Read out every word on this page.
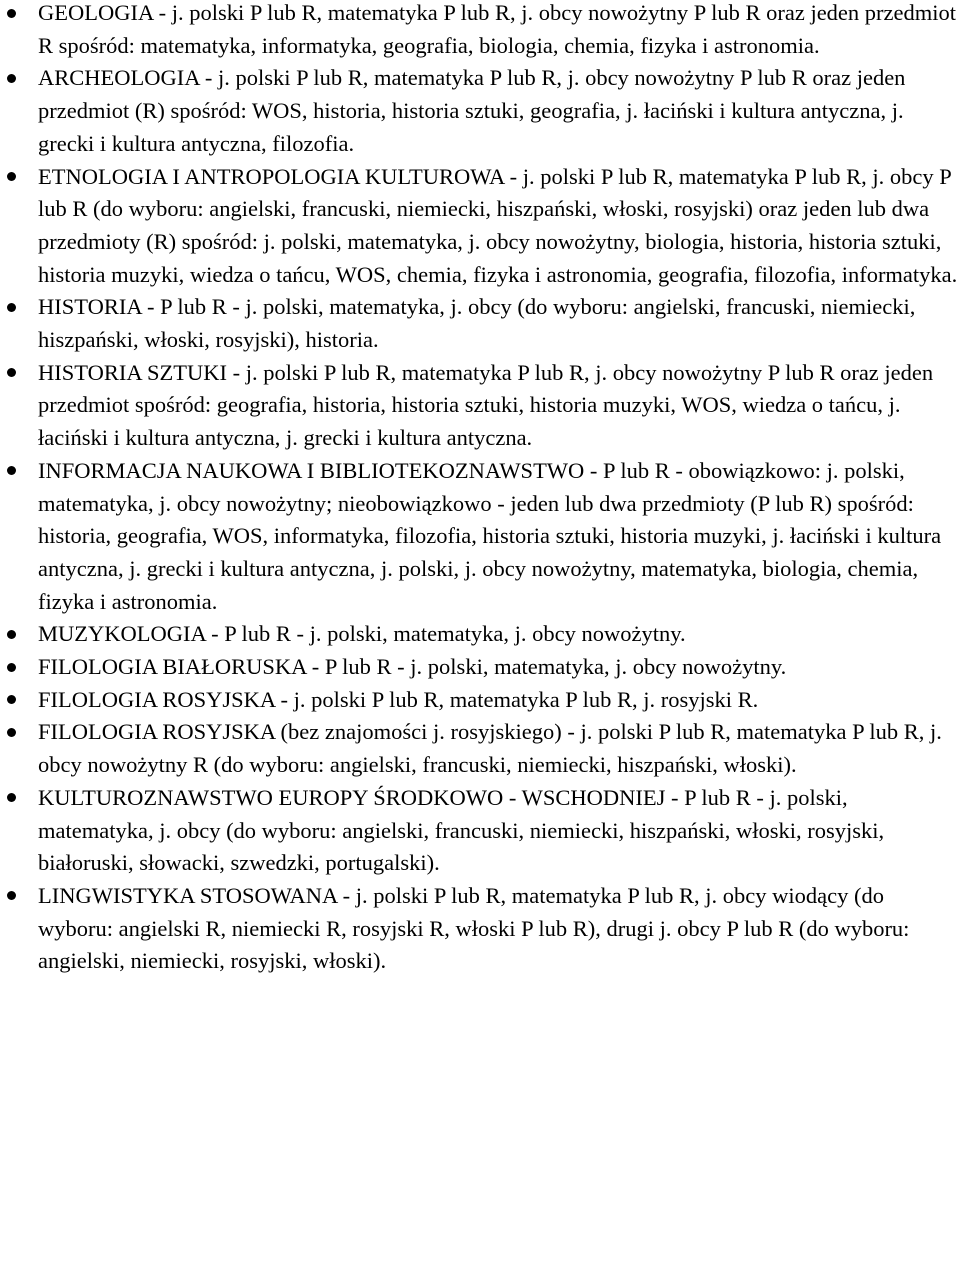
GEOLOGIA - j. polski P lub R, matematyka P lub R, j. obcy nowożytny P lub R oraz jeden przedmiot R spośród: matematyka, informatyka, geografia, biologia, chemia, fizyka i astronomia.
ARCHEOLOGIA - j. polski P lub R, matematyka P lub R, j. obcy nowożytny P lub R oraz jeden przedmiot (R) spośród: WOS, historia, historia sztuki, geografia, j. łaciński i kultura antyczna, j. grecki i kultura antyczna, filozofia.
ETNOLOGIA I ANTROPOLOGIA KULTUROWA - j. polski P lub R, matematyka P lub R, j. obcy P lub R (do wyboru: angielski, francuski, niemiecki, hiszpański, włoski, rosyjski) oraz jeden lub dwa przedmioty (R) spośród: j. polski, matematyka, j. obcy nowożytny, biologia, historia, historia sztuki, historia muzyki, wiedza o tańcu, WOS, chemia, fizyka i astronomia, geografia, filozofia, informatyka.
HISTORIA - P lub R - j. polski, matematyka, j. obcy (do wyboru: angielski, francuski, niemiecki, hiszpański, włoski, rosyjski), historia.
HISTORIA SZTUKI - j. polski P lub R, matematyka P lub R, j. obcy nowożytny P lub R oraz jeden przedmiot spośród: geografia, historia, historia sztuki, historia muzyki, WOS, wiedza o tańcu, j. łaciński i kultura antyczna, j. grecki i kultura antyczna.
INFORMACJA NAUKOWA I BIBLIOTEKOZNAWSTWO - P lub R - obowiązkowo: j. polski, matematyka, j. obcy nowożytny; nieobowiązkowo - jeden lub dwa przedmioty (P lub R) spośród: historia, geografia, WOS, informatyka, filozofia, historia sztuki, historia muzyki, j. łaciński i kultura antyczna, j. grecki i kultura antyczna, j. polski, j. obcy nowożytny, matematyka, biologia, chemia, fizyka i astronomia.
MUZYKOLOGIA - P lub R - j. polski, matematyka, j. obcy nowożytny.
FILOLOGIA BIAŁORUSKA - P lub R - j. polski, matematyka, j. obcy nowożytny.
FILOLOGIA ROSYJSKA - j. polski P lub R, matematyka P lub R, j. rosyjski R.
FILOLOGIA ROSYJSKA (bez znajomości j. rosyjskiego) - j. polski P lub R, matematyka P lub R, j. obcy nowożytny R (do wyboru: angielski, francuski, niemiecki, hiszpański, włoski).
KULTUROZNAWSTWO EUROPY ŚRODKOWO - WSCHODNIEJ - P lub R - j. polski, matematyka, j. obcy (do wyboru: angielski, francuski, niemiecki, hiszpański, włoski, rosyjski, białoruski, słowacki, szwedzki, portugalski).
LINGWISTYKA STOSOWANA - j. polski P lub R, matematyka P lub R, j. obcy wiodący (do wyboru: angielski R, niemiecki R, rosyjski R, włoski P lub R), drugi j. obcy P lub R (do wyboru: angielski, niemiecki, rosyjski, włoski).
